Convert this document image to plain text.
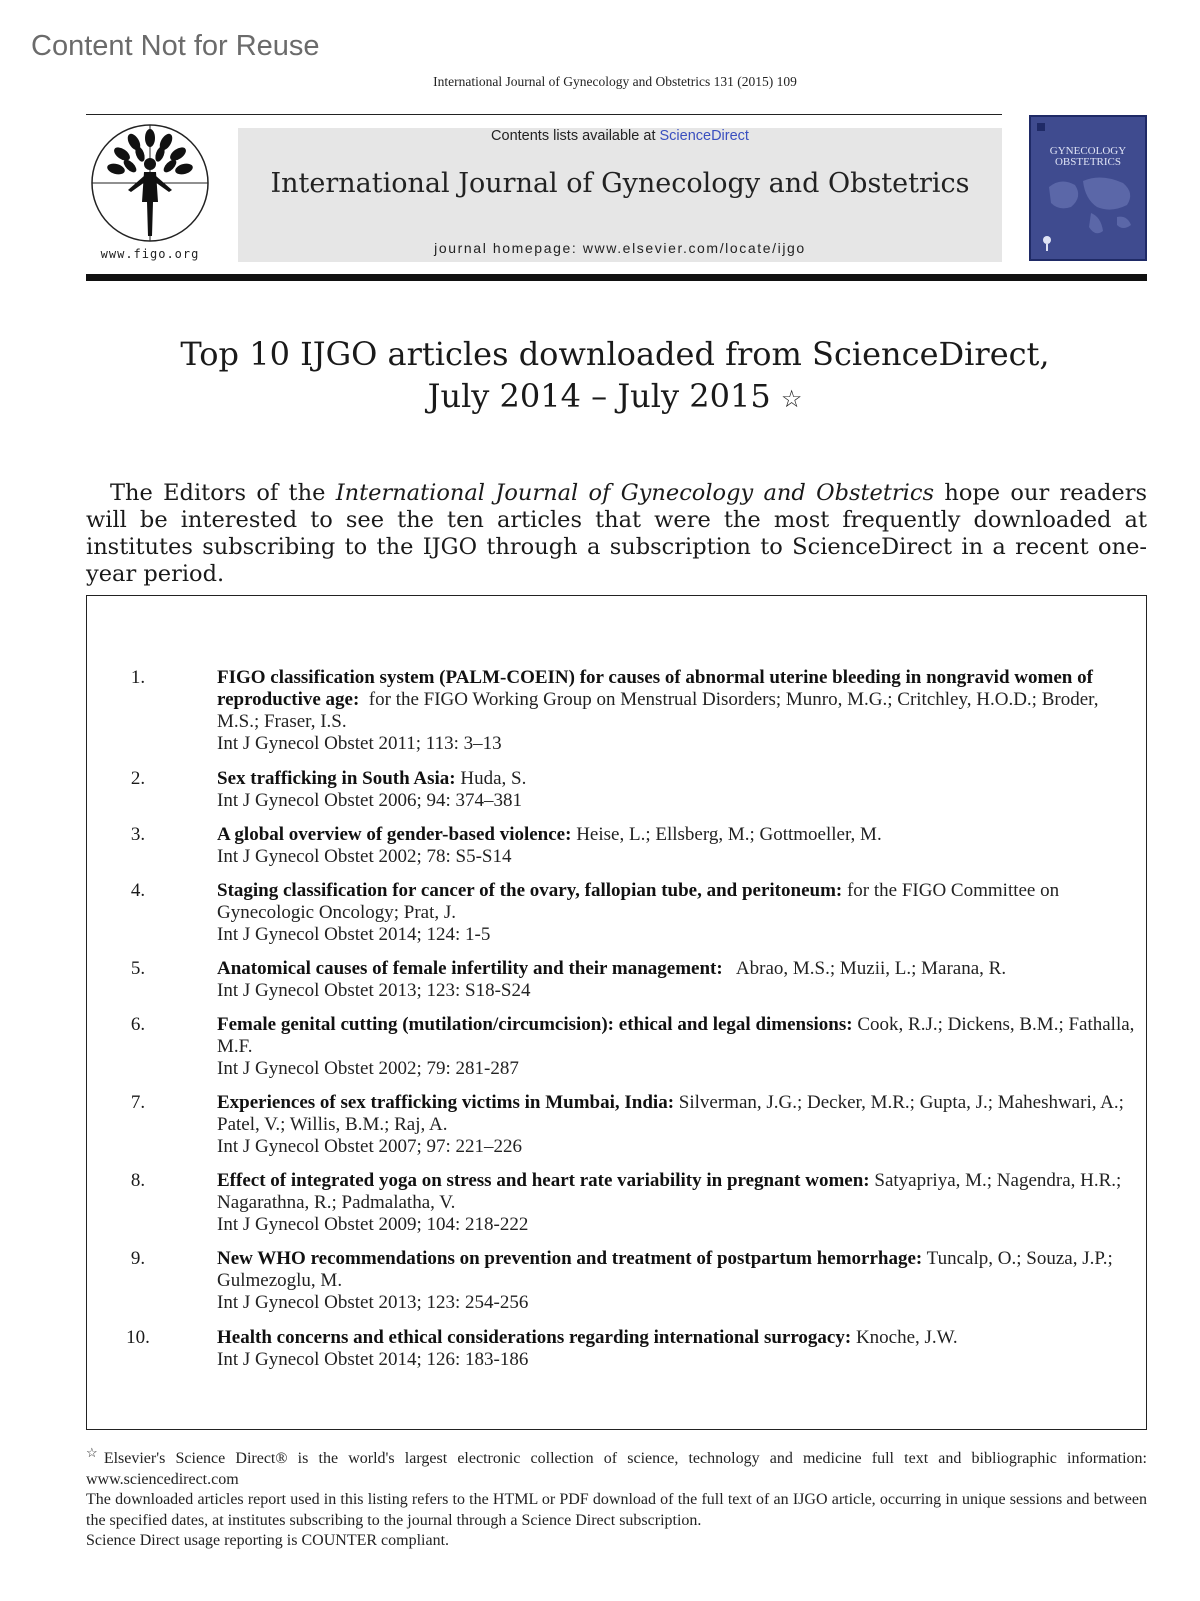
Content Not for Reuse
International Journal of Gynecology and Obstetrics 131 (2015) 109
www.figo.org
Contents lists available at ScienceDirect
International Journal of Gynecology and Obstetrics
journal homepage: www.elsevier.com/locate/ijgo
GYNECOLOGY
OBSTETRICS
Top 10 IJGO articles downloaded from ScienceDirect,
July 2014 – July 2015 ☆
The Editors of the International Journal of Gynecology and Obstetrics hope our readers will be interested to see the ten articles that were the most frequently downloaded at institutes subscribing to the IJGO through a subscription to ScienceDirect in a recent one-year period.
1.	FIGO classification system (PALM-COEIN) for causes of abnormal uterine bleeding in nongravid women of reproductive age: for the FIGO Working Group on Menstrual Disorders; Munro, M.G.; Critchley, H.O.D.; Broder, M.S.; Fraser, I.S.
Int J Gynecol Obstet 2011; 113: 3–13
2.	Sex trafficking in South Asia: Huda, S.
Int J Gynecol Obstet 2006; 94: 374–381
3.	A global overview of gender-based violence: Heise, L.; Ellsberg, M.; Gottmoeller, M.
Int J Gynecol Obstet 2002; 78: S5-S14
4.	Staging classification for cancer of the ovary, fallopian tube, and peritoneum: for the FIGO Committee on Gynecologic Oncology; Prat, J.
Int J Gynecol Obstet 2014; 124: 1-5
5.	Anatomical causes of female infertility and their management: Abrao, M.S.; Muzii, L.; Marana, R.
Int J Gynecol Obstet 2013; 123: S18-S24
6.	Female genital cutting (mutilation/circumcision): ethical and legal dimensions: Cook, R.J.; Dickens, B.M.; Fathalla, M.F.
Int J Gynecol Obstet 2002; 79: 281-287
7.	Experiences of sex trafficking victims in Mumbai, India: Silverman, J.G.; Decker, M.R.; Gupta, J.; Maheshwari, A.; Patel, V.; Willis, B.M.; Raj, A.
Int J Gynecol Obstet 2007; 97: 221–226
8.	Effect of integrated yoga on stress and heart rate variability in pregnant women: Satyapriya, M.; Nagendra, H.R.; Nagarathna, R.; Padmalatha, V.
Int J Gynecol Obstet 2009; 104: 218-222
9.	New WHO recommendations on prevention and treatment of postpartum hemorrhage: Tuncalp, O.; Souza, J.P.; Gulmezoglu, M.
Int J Gynecol Obstet 2013; 123: 254-256
10.	Health concerns and ethical considerations regarding international surrogacy: Knoche, J.W.
Int J Gynecol Obstet 2014; 126: 183-186

☆Elsevier's Science Direct® is the world's largest electronic collection of science, technology and medicine full text and bibliographic information: www.sciencedirect.com

The downloaded articles report used in this listing refers to the HTML or PDF download of the full text of an IJGO article, occurring in unique sessions and between the specified dates, at institutes subscribing to the journal through a Science Direct subscription.

Science Direct usage reporting is COUNTER compliant.
